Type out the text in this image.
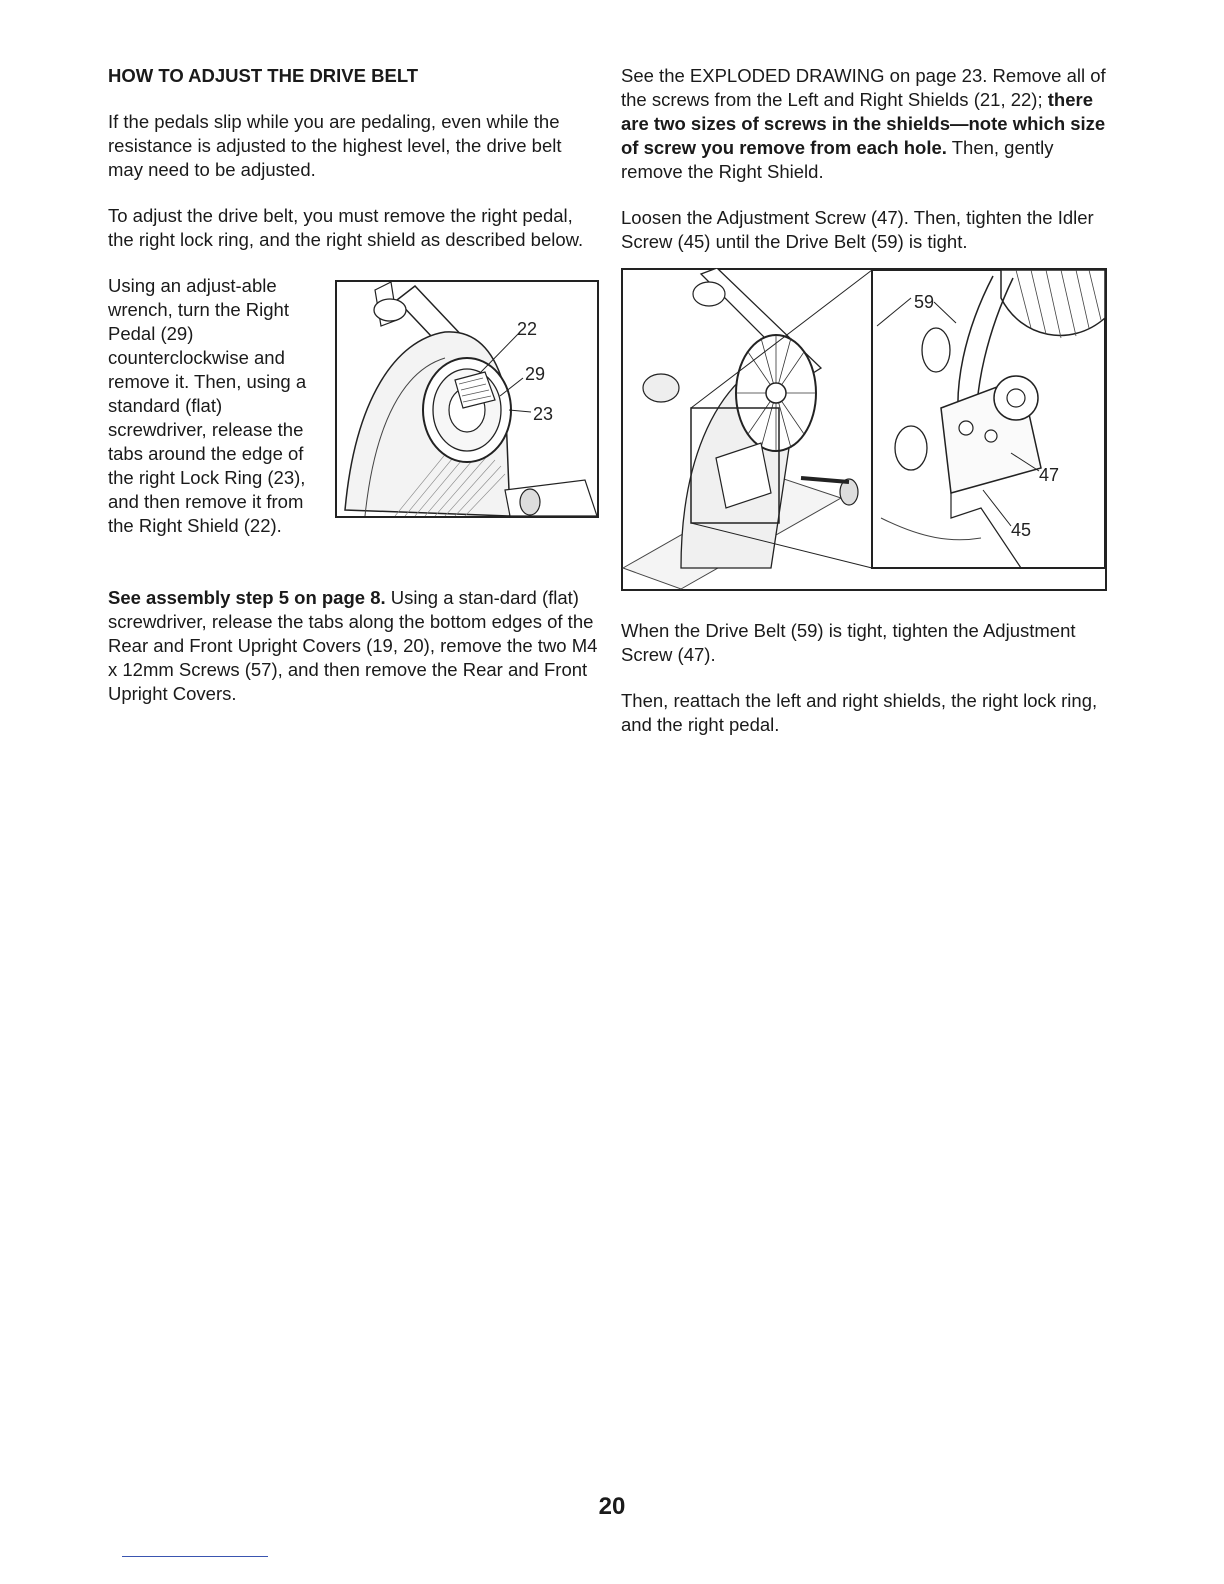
HOW TO ADJUST THE DRIVE BELT

If the pedals slip while you are pedaling, even while the resistance is adjusted to the highest level, the drive belt may need to be adjusted.

To adjust the drive belt, you must remove the right pedal, the right lock ring, and the right shield as described below.

Using an adjust-able wrench, turn the Right Pedal (29) counterclockwise and remove it. Then, using a standard (flat) screwdriver, release the tabs around the edge of the right Lock Ring (23), and then remove it from the Right Shield (22).

22
29
23

See assembly step 5 on page 8. Using a stan-dard (flat) screwdriver, release the tabs along the bottom edges of the Rear and Front Upright Covers (19, 20), remove the two M4 x 12mm Screws (57), and then remove the Rear and Front Upright Covers.

See the EXPLODED DRAWING on page 23. Remove all of the screws from the Left and Right Shields (21, 22); there are two sizes of screws in the shields—note which size of screw you remove from each hole. Then, gently remove the Right Shield.

Loosen the Adjustment Screw (47). Then, tighten the Idler Screw (45) until the Drive Belt (59) is tight.

59
47
45

When the Drive Belt (59) is tight, tighten the Adjustment Screw (47).

Then, reattach the left and right shields, the right lock ring, and the right pedal.

20
